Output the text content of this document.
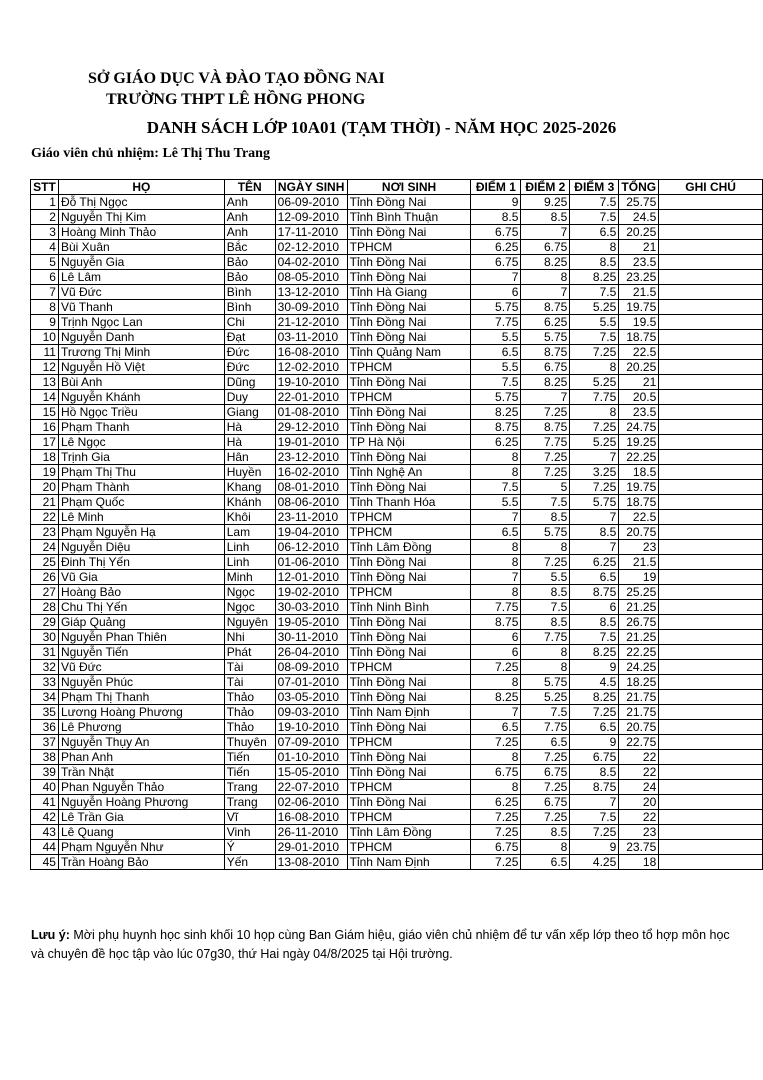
SỞ GIÁO DỤC VÀ ĐÀO TẠO ĐỒNG NAI
TRƯỜNG THPT LÊ HỒNG PHONG
DANH SÁCH LỚP 10A01 (TẠM THỜI) - NĂM HỌC 2025-2026
Giáo viên chủ nhiệm: Lê Thị Thu Trang
STT	HỌ	TÊN	NGÀY SINH	NƠI SINH	ĐIỂM 1	ĐIỂM 2	ĐIỂM 3	TỔNG	GHI CHÚ
1	Đỗ Thị Ngọc	Anh	06-09-2010	Tỉnh Đồng Nai	9	9.25	7.5	25.75	
2	Nguyễn Thị Kim	Anh	12-09-2010	Tỉnh Bình Thuận	8.5	8.5	7.5	24.5	
3	Hoàng Minh Thảo	Anh	17-11-2010	Tỉnh Đồng Nai	6.75	7	6.5	20.25	
4	Bùi Xuân	Bắc	02-12-2010	TPHCM	6.25	6.75	8	21	
5	Nguyễn Gia	Bảo	04-02-2010	Tỉnh Đồng Nai	6.75	8.25	8.5	23.5	
6	Lê Lâm	Bảo	08-05-2010	Tỉnh Đồng Nai	7	8	8.25	23.25	
7	Vũ Đức	Bình	13-12-2010	Tỉnh Hà Giang	6	7	7.5	21.5	
8	Vũ Thanh	Bình	30-09-2010	Tỉnh Đồng Nai	5.75	8.75	5.25	19.75	
9	Trịnh Ngọc Lan	Chi	21-12-2010	Tỉnh Đồng Nai	7.75	6.25	5.5	19.5	
10	Nguyễn Danh	Đạt	03-11-2010	Tỉnh Đồng Nai	5.5	5.75	7.5	18.75	
11	Trương Thị Minh	Đức	16-08-2010	Tỉnh Quảng Nam	6.5	8.75	7.25	22.5	
12	Nguyễn Hồ Việt	Đức	12-02-2010	TPHCM	5.5	6.75	8	20.25	
13	Bùi Anh	Dũng	19-10-2010	Tỉnh Đồng Nai	7.5	8.25	5.25	21	
14	Nguyễn Khánh	Duy	22-01-2010	TPHCM	5.75	7	7.75	20.5	
15	Hồ Ngọc Triều	Giang	01-08-2010	Tỉnh Đồng Nai	8.25	7.25	8	23.5	
16	Phạm Thanh	Hà	29-12-2010	Tỉnh Đồng Nai	8.75	8.75	7.25	24.75	
17	Lê Ngọc	Hà	19-01-2010	TP Hà Nội	6.25	7.75	5.25	19.25	
18	Trịnh Gia	Hân	23-12-2010	Tỉnh Đồng Nai	8	7.25	7	22.25	
19	Phạm Thị Thu	Huyền	16-02-2010	Tỉnh Nghệ An	8	7.25	3.25	18.5	
20	Phạm Thành	Khang	08-01-2010	Tỉnh Đồng Nai	7.5	5	7.25	19.75	
21	Phạm Quốc	Khánh	08-06-2010	Tỉnh Thanh Hóa	5.5	7.5	5.75	18.75	
22	Lê Minh	Khôi	23-11-2010	TPHCM	7	8.5	7	22.5	
23	Phạm Nguyễn Hạ	Lam	19-04-2010	TPHCM	6.5	5.75	8.5	20.75	
24	Nguyễn Diệu	Linh	06-12-2010	Tỉnh Lâm Đồng	8	8	7	23	
25	Đinh Thị Yến	Linh	01-06-2010	Tỉnh Đồng Nai	8	7.25	6.25	21.5	
26	Vũ Gia	Minh	12-01-2010	Tỉnh Đồng Nai	7	5.5	6.5	19	
27	Hoàng Bảo	Ngọc	19-02-2010	TPHCM	8	8.5	8.75	25.25	
28	Chu Thị Yến	Ngọc	30-03-2010	Tỉnh Ninh Bình	7.75	7.5	6	21.25	
29	Giáp Quảng	Nguyên	19-05-2010	Tỉnh Đồng Nai	8.75	8.5	8.5	26.75	
30	Nguyễn Phan Thiên	Nhi	30-11-2010	Tỉnh Đồng Nai	6	7.75	7.5	21.25	
31	Nguyễn Tiến	Phát	26-04-2010	Tỉnh Đồng Nai	6	8	8.25	22.25	
32	Vũ Đức	Tài	08-09-2010	TPHCM	7.25	8	9	24.25	
33	Nguyễn Phúc	Tài	07-01-2010	Tỉnh Đồng Nai	8	5.75	4.5	18.25	
34	Phạm Thị Thanh	Thảo	03-05-2010	Tỉnh Đồng Nai	8.25	5.25	8.25	21.75	
35	Lương Hoàng Phương	Thảo	09-03-2010	Tỉnh Nam Định	7	7.5	7.25	21.75	
36	Lê Phương	Thảo	19-10-2010	Tỉnh Đồng Nai	6.5	7.75	6.5	20.75	
37	Nguyễn Thụy An	Thuyên	07-09-2010	TPHCM	7.25	6.5	9	22.75	
38	Phan Anh	Tiến	01-10-2010	Tỉnh Đồng Nai	8	7.25	6.75	22	
39	Trần Nhật	Tiến	15-05-2010	Tỉnh Đồng Nai	6.75	6.75	8.5	22	
40	Phan Nguyễn Thảo	Trang	22-07-2010	TPHCM	8	7.25	8.75	24	
41	Nguyễn Hoàng Phương	Trang	02-06-2010	Tỉnh Đồng Nai	6.25	6.75	7	20	
42	Lê Trần Gia	Vĩ	16-08-2010	TPHCM	7.25	7.25	7.5	22	
43	Lê Quang	Vinh	26-11-2010	Tỉnh Lâm Đồng	7.25	8.5	7.25	23	
44	Phạm Nguyễn Như	Ý	29-01-2010	TPHCM	6.75	8	9	23.75	
45	Trần Hoàng Bảo	Yến	13-08-2010	Tỉnh Nam Định	7.25	6.5	4.25	18	
Lưu ý: Mời phụ huynh học sinh khối 10 họp cùng Ban Giám hiệu, giáo viên chủ nhiệm để tư vấn xếp lớp theo tổ hợp môn học và chuyên đề học tập vào lúc 07g30, thứ Hai ngày 04/8/2025 tại Hội trường.
